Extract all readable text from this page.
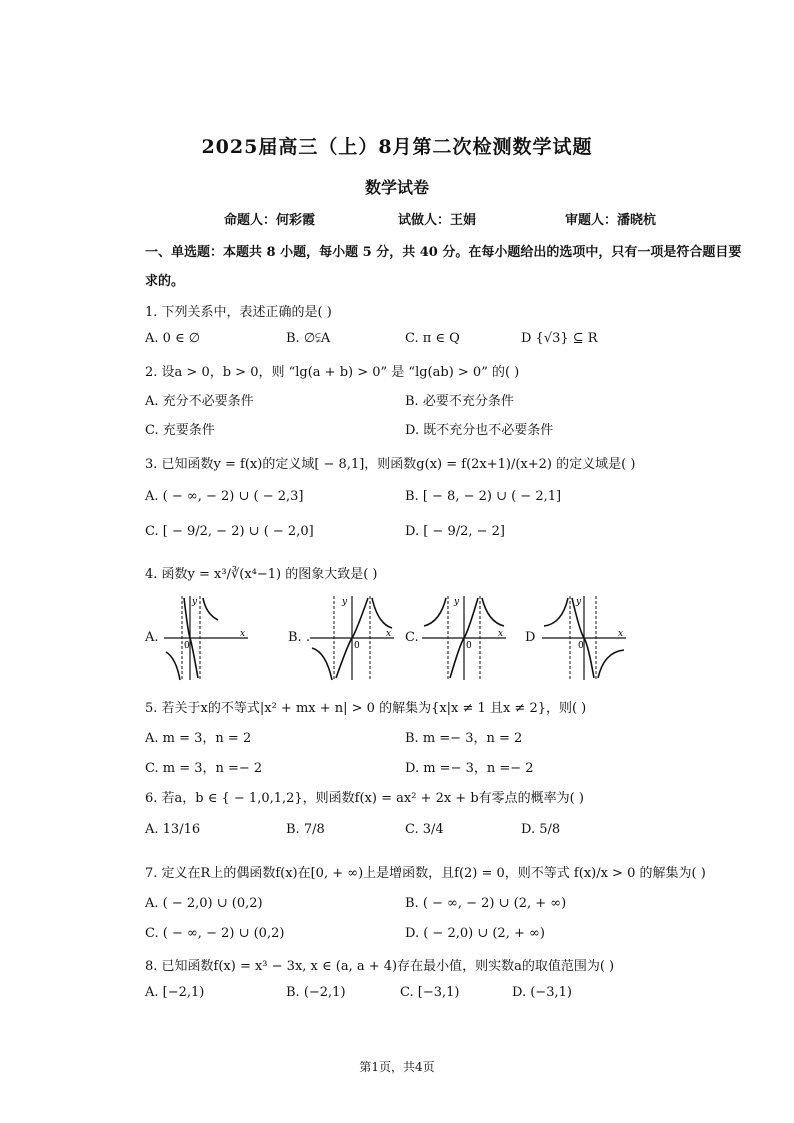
2025届高三（上）8月第二次检测数学试题
数学试卷
命题人：何彩霞	试做人：王娟	审题人：潘晓杭
一、单选题：本题共 8 小题，每小题 5 分，共 40 分。在每小题给出的选项中，只有一项是符合题目要
求的。
1. 下列关系中，表述正确的是( )
A. 0 ∈ ∅	B. ∅⫋A	C. π ∈ Q	D {√3} ⊆ R
2. 设a > 0，b > 0，则 “lg(a + b) > 0” 是 “lg(ab) > 0” 的( )
A. 充分不必要条件	B. 必要不充分条件
C. 充要条件	D. 既不充分也不必要条件
3. 已知函数y = f(x)的定义域[ − 8,1]，则函数g(x) = f(2x+1)/(x+2) 的定义域是( )
A. ( − ∞, − 2) ∪ ( − 2,3]	B. [ − 8, − 2) ∪ ( − 2,1]
C. [ − 9/2, − 2) ∪ ( − 2,0]	D. [ − 9/2, − 2]
4. 函数y = x³/∛(x⁴−1) 的图象大致是( )
A.
y
x
0
B. .
y
x
0
C.
y
x
0
D
y
x
0
5. 若关于x的不等式|x² + mx + n| > 0 的解集为{x|x ≠ 1 且x ≠ 2}，则( )
A. m = 3，n = 2	B. m =− 3，n = 2
C. m = 3，n =− 2	D. m =− 3，n =− 2
6. 若a，b ∈ { − 1,0,1,2}，则函数f(x) = ax² + 2x + b有零点的概率为( )
A. 13/16	B. 7/8	C. 3/4	D. 5/8
7. 定义在R上的偶函数f(x)在[0, + ∞)上是增函数，且f(2) = 0，则不等式 f(x)/x > 0 的解集为( )
A. ( − 2,0) ∪ (0,2)	B. ( − ∞, − 2) ∪ (2, + ∞)
C. ( − ∞, − 2) ∪ (0,2)	D. ( − 2,0) ∪ (2, + ∞)
8. 已知函数f(x) = x³ − 3x, x ∈ (a, a + 4)存在最小值，则实数a的取值范围为( )
A. [−2,1)	B. (−2,1)	C. [−3,1)	D. (−3,1)
第1页，共4页
